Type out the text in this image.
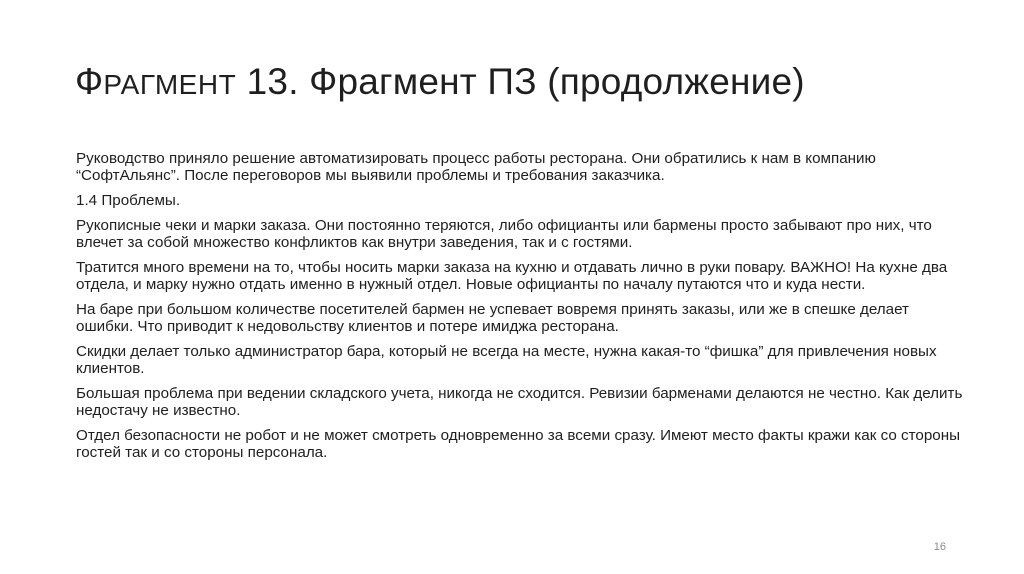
ФРАГМЕНТ 13. Фрагмент ПЗ (продолжение)

Руководство приняло решение автоматизировать процесс работы ресторана. Они обратились к нам в компанию “СофтАльянс”. После переговоров мы выявили проблемы и требования заказчика.

1.4 Проблемы.

Рукописные чеки и марки заказа. Они постоянно теряются, либо официанты или бармены просто забывают про них, что влечет за собой множество конфликтов как внутри заведения, так и с гостями.

Тратится много времени на то, чтобы носить марки заказа на кухню и отдавать лично в руки повару. ВАЖНО! На кухне два отдела, и марку нужно отдать именно в нужный отдел. Новые официанты по началу путаются что и куда нести.

На баре при большом количестве посетителей бармен не успевает вовремя принять заказы, или же в спешке делает ошибки. Что приводит к недовольству клиентов и потере имиджа ресторана.

Скидки делает только администратор бара, который не всегда на месте, нужна какая-то “фишка” для привлечения новых клиентов.

Большая проблема при ведении складского учета, никогда не сходится. Ревизии барменами делаются не честно. Как делить недостачу не известно.

Отдел безопасности не робот и не может смотреть одновременно за всеми сразу. Имеют место факты кражи как со стороны гостей так и со стороны персонала.

16
